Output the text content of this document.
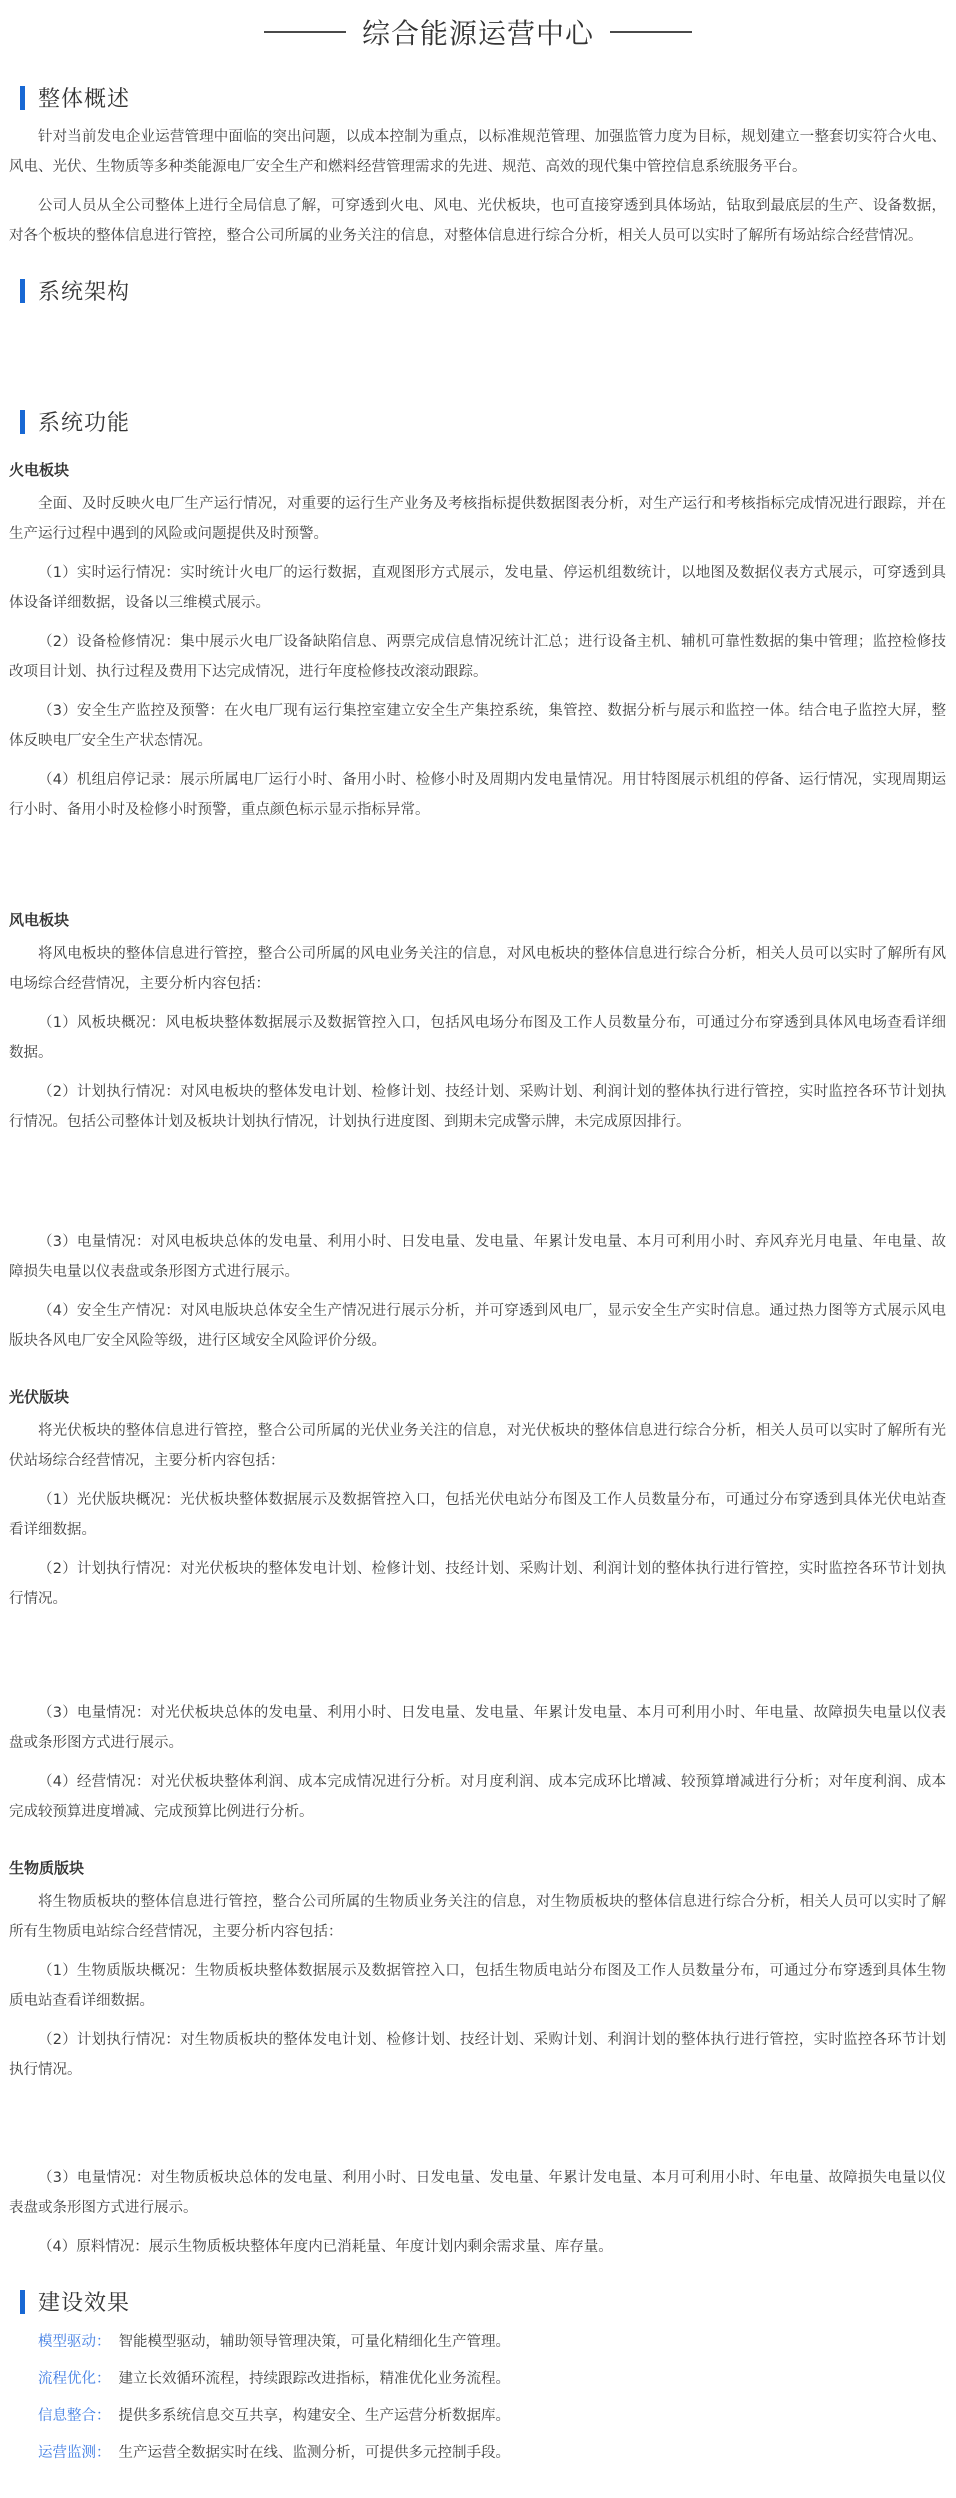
综合能源运营中心
整体概述

针对当前发电企业运营管理中面临的突出问题，以成本控制为重点，以标准规范管理、加强监管力度为目标，规划建立一整套切实符合火电、风电、光伏、生物质等多种类能源电厂安全生产和燃料经营管理需求的先进、规范、高效的现代集中管控信息系统服务平台。

公司人员从全公司整体上进行全局信息了解，可穿透到火电、风电、光伏板块，也可直接穿透到具体场站，钻取到最底层的生产、设备数据，对各个板块的整体信息进行管控，整合公司所属的业务关注的信息，对整体信息进行综合分析，相关人员可以实时了解所有场站综合经营情况。

系统架构
系统功能
火电板块

全面、及时反映火电厂生产运行情况，对重要的运行生产业务及考核指标提供数据图表分析，对生产运行和考核指标完成情况进行跟踪，并在生产运行过程中遇到的风险或问题提供及时预警。

（1）实时运行情况：实时统计火电厂的运行数据，直观图形方式展示，发电量、停运机组数统计，以地图及数据仪表方式展示，可穿透到具体设备详细数据，设备以三维模式展示。

（2）设备检修情况：集中展示火电厂设备缺陷信息、两票完成信息情况统计汇总；进行设备主机、辅机可靠性数据的集中管理；监控检修技改项目计划、执行过程及费用下达完成情况，进行年度检修技改滚动跟踪。

（3）安全生产监控及预警：在火电厂现有运行集控室建立安全生产集控系统，集管控、数据分析与展示和监控一体。结合电子监控大屏，整体反映电厂安全生产状态情况。

（4）机组启停记录：展示所属电厂运行小时、备用小时、检修小时及周期内发电量情况。用甘特图展示机组的停备、运行情况，实现周期运行小时、备用小时及检修小时预警，重点颜色标示显示指标异常。

风电板块

将风电板块的整体信息进行管控，整合公司所属的风电业务关注的信息，对风电板块的整体信息进行综合分析，相关人员可以实时了解所有风电场综合经营情况，主要分析内容包括：

（1）风板块概况：风电板块整体数据展示及数据管控入口，包括风电场分布图及工作人员数量分布，可通过分布穿透到具体风电场查看详细数据。

（2）计划执行情况：对风电板块的整体发电计划、检修计划、技经计划、采购计划、利润计划的整体执行进行管控，实时监控各环节计划执行情况。包括公司整体计划及板块计划执行情况，计划执行进度图、到期未完成警示牌，未完成原因排行。

（3）电量情况：对风电板块总体的发电量、利用小时、日发电量、发电量、年累计发电量、本月可利用小时、弃风弃光月电量、年电量、故障损失电量以仪表盘或条形图方式进行展示。

（4）安全生产情况：对风电版块总体安全生产情况进行展示分析，并可穿透到风电厂，显示安全生产实时信息。通过热力图等方式展示风电版块各风电厂安全风险等级，进行区域安全风险评价分级。

光伏版块

将光伏板块的整体信息进行管控，整合公司所属的光伏业务关注的信息，对光伏板块的整体信息进行综合分析，相关人员可以实时了解所有光伏站场综合经营情况，主要分析内容包括：

（1）光伏版块概况：光伏板块整体数据展示及数据管控入口，包括光伏电站分布图及工作人员数量分布，可通过分布穿透到具体光伏电站查看详细数据。

（2）计划执行情况：对光伏板块的整体发电计划、检修计划、技经计划、采购计划、利润计划的整体执行进行管控，实时监控各环节计划执行情况。

（3）电量情况：对光伏板块总体的发电量、利用小时、日发电量、发电量、年累计发电量、本月可利用小时、年电量、故障损失电量以仪表盘或条形图方式进行展示。

（4）经营情况：对光伏板块整体利润、成本完成情况进行分析。对月度利润、成本完成环比增减、较预算增减进行分析；对年度利润、成本完成较预算进度增减、完成预算比例进行分析。

生物质版块

将生物质板块的整体信息进行管控，整合公司所属的生物质业务关注的信息，对生物质板块的整体信息进行综合分析，相关人员可以实时了解所有生物质电站综合经营情况，主要分析内容包括：

（1）生物质版块概况：生物质板块整体数据展示及数据管控入口，包括生物质电站分布图及工作人员数量分布，可通过分布穿透到具体生物质电站查看详细数据。

（2）计划执行情况：对生物质板块的整体发电计划、检修计划、技经计划、采购计划、利润计划的整体执行进行管控，实时监控各环节计划执行情况。

（3）电量情况：对生物质板块总体的发电量、利用小时、日发电量、发电量、年累计发电量、本月可利用小时、年电量、故障损失电量以仪表盘或条形图方式进行展示。

（4）原料情况：展示生物质板块整体年度内已消耗量、年度计划内剩余需求量、库存量。

建设效果

模型驱动： 智能模型驱动，辅助领导管理决策，可量化精细化生产管理。

流程优化： 建立长效循环流程，持续跟踪改进指标，精准优化业务流程。

信息整合： 提供多系统信息交互共享，构建安全、生产运营分析数据库。

运营监测： 生产运营全数据实时在线、监测分析，可提供多元控制手段。
